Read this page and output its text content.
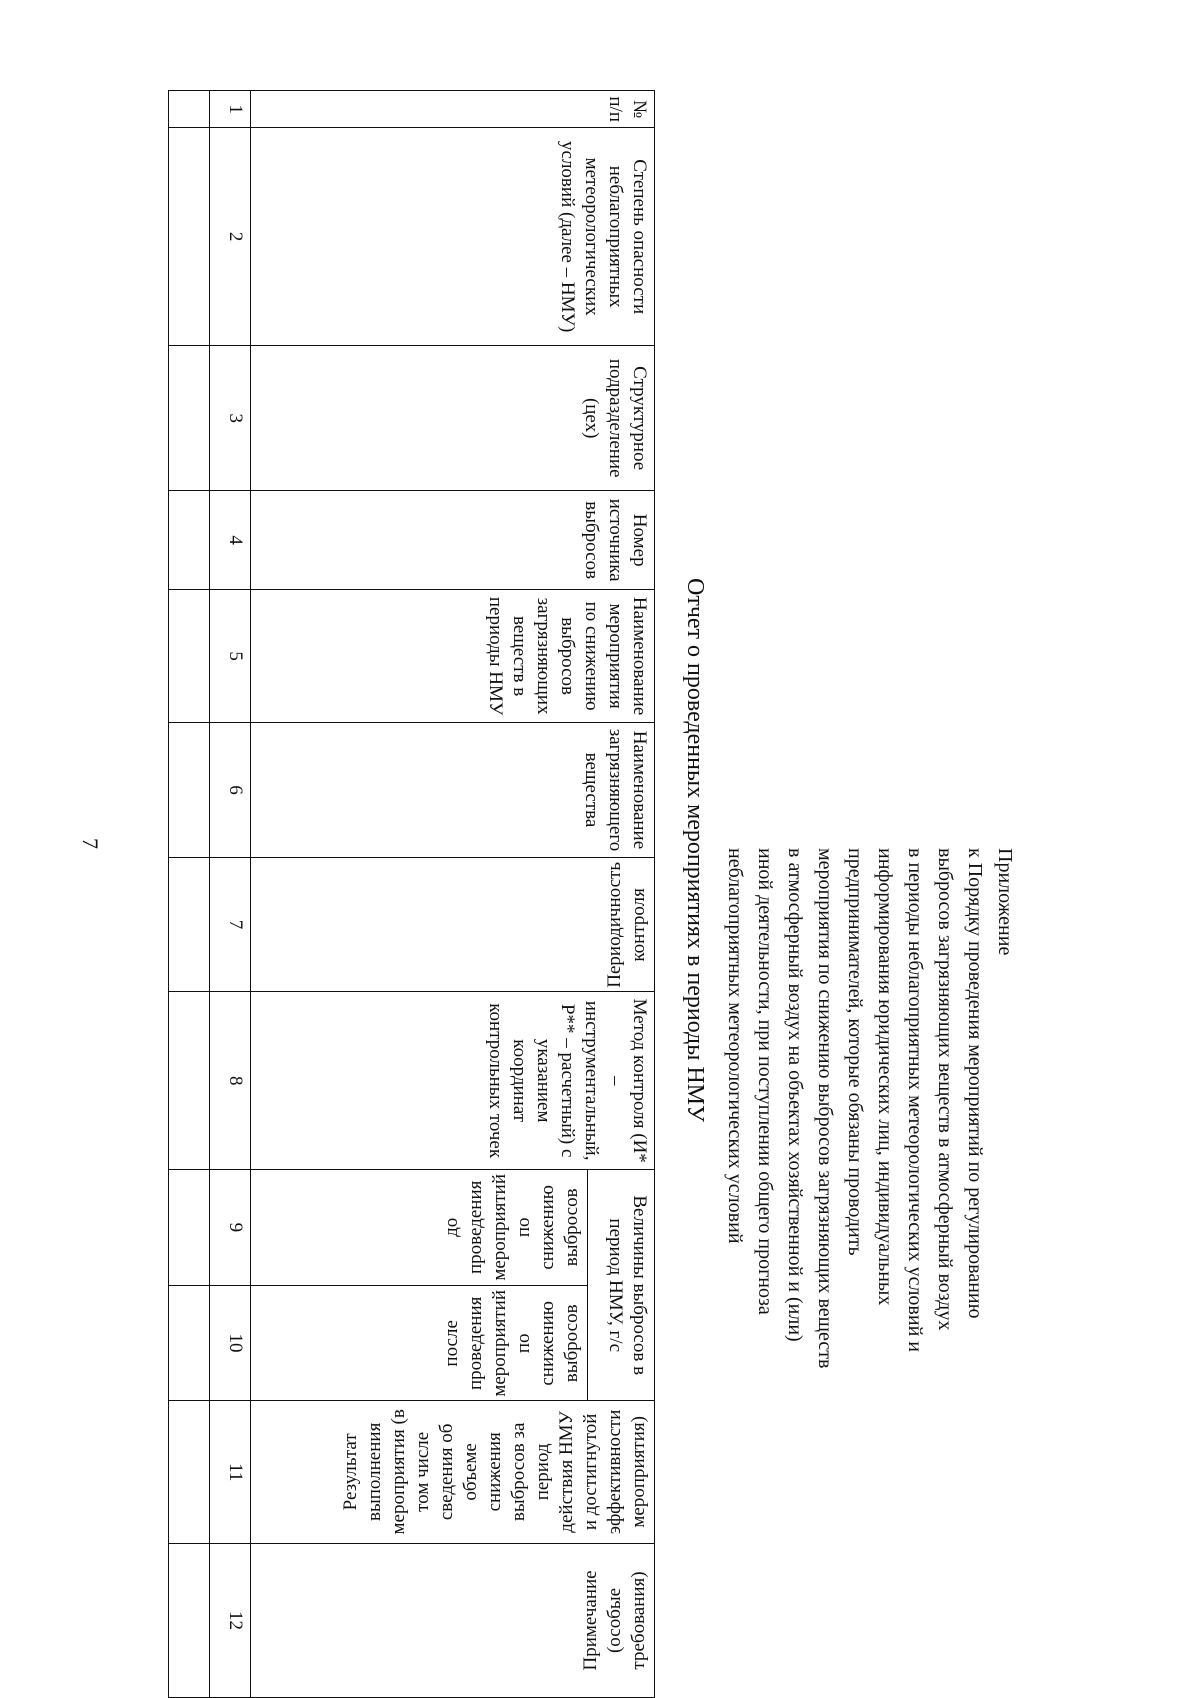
7
Приложение
к Порядку проведения мероприятий по регулированию
выбросов загрязняющих веществ в атмосферный воздух
в периоды неблагоприятных метеорологических условий и
информирования юридических лиц, индивидуальных
предпринимателей, которые обязаны проводить
мероприятия по снижению выбросов загрязняющих веществ
в атмосферный воздух на объектах хозяйственной и (или)
иной деятельности, при поступлении общего прогноза
неблагоприятных метеорологических условий
Отчет о проведенных мероприятиях в периоды НМУ
№ п/п	Степень опасности неблагоприятных метеорологических условий (далее – НМУ)	Структурное подразделение (цех)	Номер источника выбросов	Наименование мероприятия по снижению выбросов загрязняющих веществ в периоды НМУ	Наименование загрязняющего вещества	Периодичность контроля	Метод контроля (И* – инструментальный, Р** – расчетный) с указанием координат контрольных точек	Величины выбросов в период НМУ, г/с		Результат выполнения мероприятия (в том числе сведения об объеме снижения выбросов за период действия НМУ и достигнутой эффективности мероприятия)	Примечание (особые требования)

								до проведения мероприятий по снижению выбросов	после проведения мероприятий по снижению выбросов		

1	2	3	4	5	6	7	8	9	10	11	12
